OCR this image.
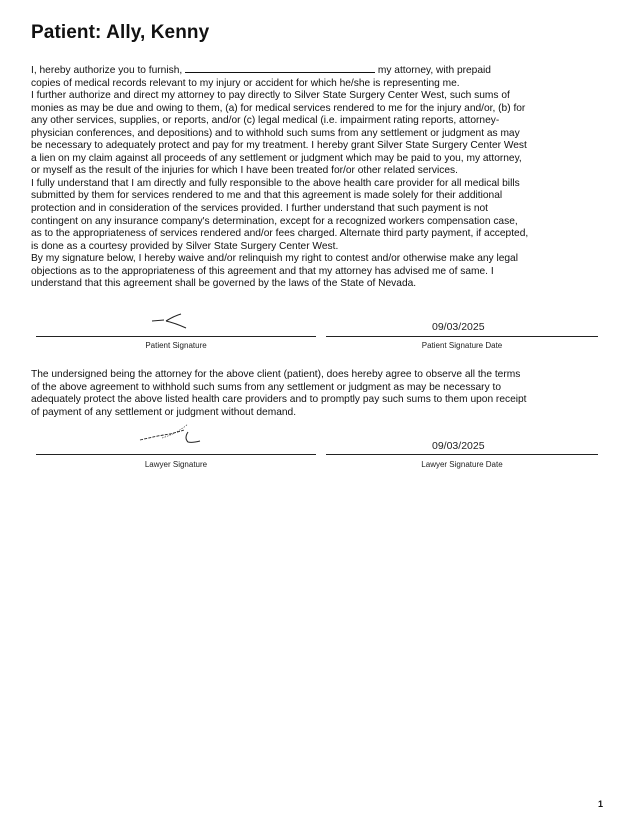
Patient: Ally, Kenny

I, hereby authorize you to furnish,	my attorney, with prepaid

copies of medical records relevant to my injury or accident for which he/she is representing me.
I further authorize and direct my attorney to pay directly to Silver State Surgery Center West, such sums of
monies as may be due and owing to them, (a) for medical services rendered to me for the injury and/or, (b) for
any other services, supplies, or reports, and/or (c) legal medical (i.e. impairment rating reports, attorney-
physician conferences, and depositions) and to withhold such sums from any settlement or judgment as may
be necessary to adequately protect and pay for my treatment. I hereby grant Silver State Surgery Center West
a lien on my claim against all proceeds of any settlement or judgment which may be paid to you, my attorney,
or myself as the result of the injuries for which I have been treated for/or other related services.
I fully understand that I am directly and fully responsible to the above health care provider for all medical bills
submitted by them for services rendered to me and that this agreement is made solely for their additional
protection and in consideration of the services provided. I further understand that such payment is not
contingent on any insurance company's determination, except for a recognized workers compensation case,
as to the appropriateness of services rendered and/or fees charged. Alternate third party payment, if accepted,
is done as a courtesy provided by Silver State Surgery Center West.
By my signature below, I hereby waive and/or relinquish my right to contest and/or otherwise make any legal
objections as to the appropriateness of this agreement and that my attorney has advised me of same. I
understand that this agreement shall be governed by the laws of the State of Nevada.

Patient Signature
09/03/2025
Patient Signature Date
The undersigned being the attorney for the above client (patient), does hereby agree to observe all the terms
of the above agreement to withhold such sums from any settlement or judgment as may be necessary to
adequately protect the above listed health care providers and to promptly pay such sums to them upon receipt
of payment of any settlement or judgment without demand.
Lawyer Signature
09/03/2025
Lawyer Signature Date
1
